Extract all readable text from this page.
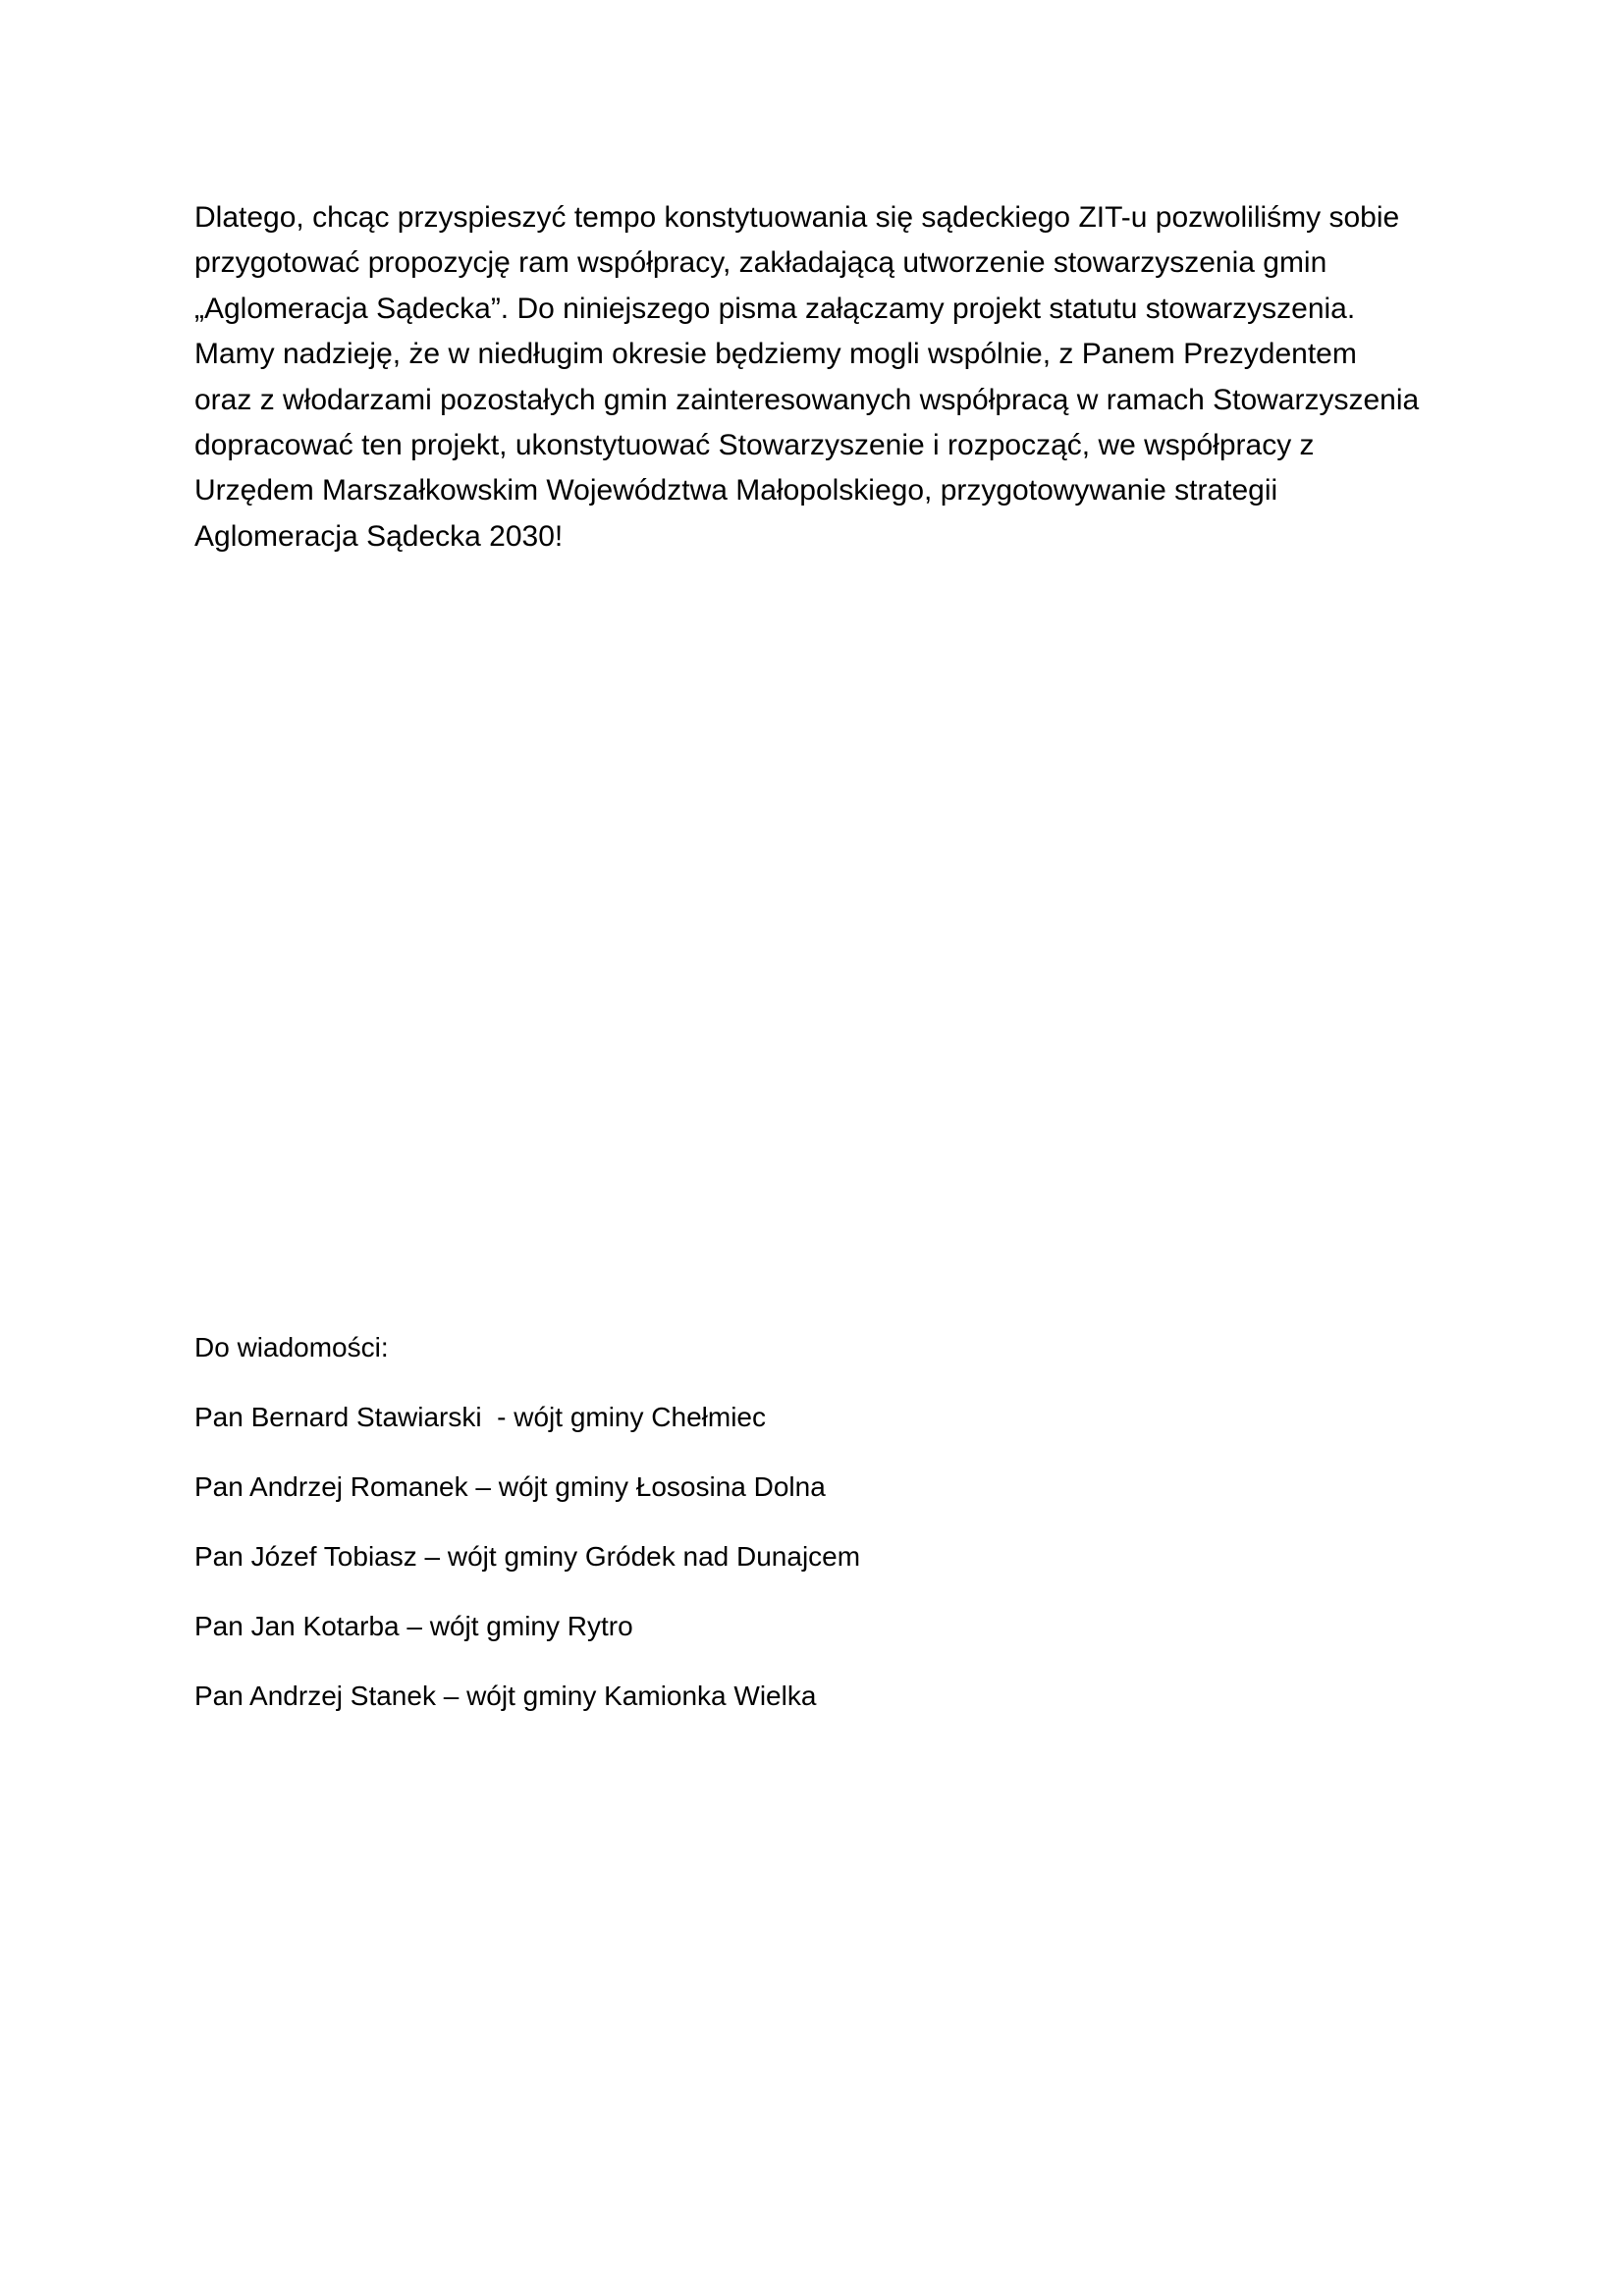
Dlatego, chcąc przyspieszyć tempo konstytuowania się sądeckiego ZIT-u pozwoliliśmy sobie
przygotować propozycję ram współpracy, zakładającą utworzenie stowarzyszenia gmin
„Aglomeracja Sądecka”. Do niniejszego pisma załączamy projekt statutu stowarzyszenia.
Mamy nadzieję, że w niedługim okresie będziemy mogli wspólnie, z Panem Prezydentem
oraz z włodarzami pozostałych gmin zainteresowanych współpracą w ramach Stowarzyszenia
dopracować ten projekt, ukonstytuować Stowarzyszenie i rozpocząć, we współpracy z
Urzędem Marszałkowskim Województwa Małopolskiego, przygotowywanie strategii
Aglomeracja Sądecka 2030!

Do wiadomości:
Pan Bernard Stawiarski  - wójt gminy Chełmiec
Pan Andrzej Romanek – wójt gminy Łososina Dolna
Pan Józef Tobiasz – wójt gminy Gródek nad Dunajcem
Pan Jan Kotarba – wójt gminy Rytro
Pan Andrzej Stanek – wójt gminy Kamionka Wielka
